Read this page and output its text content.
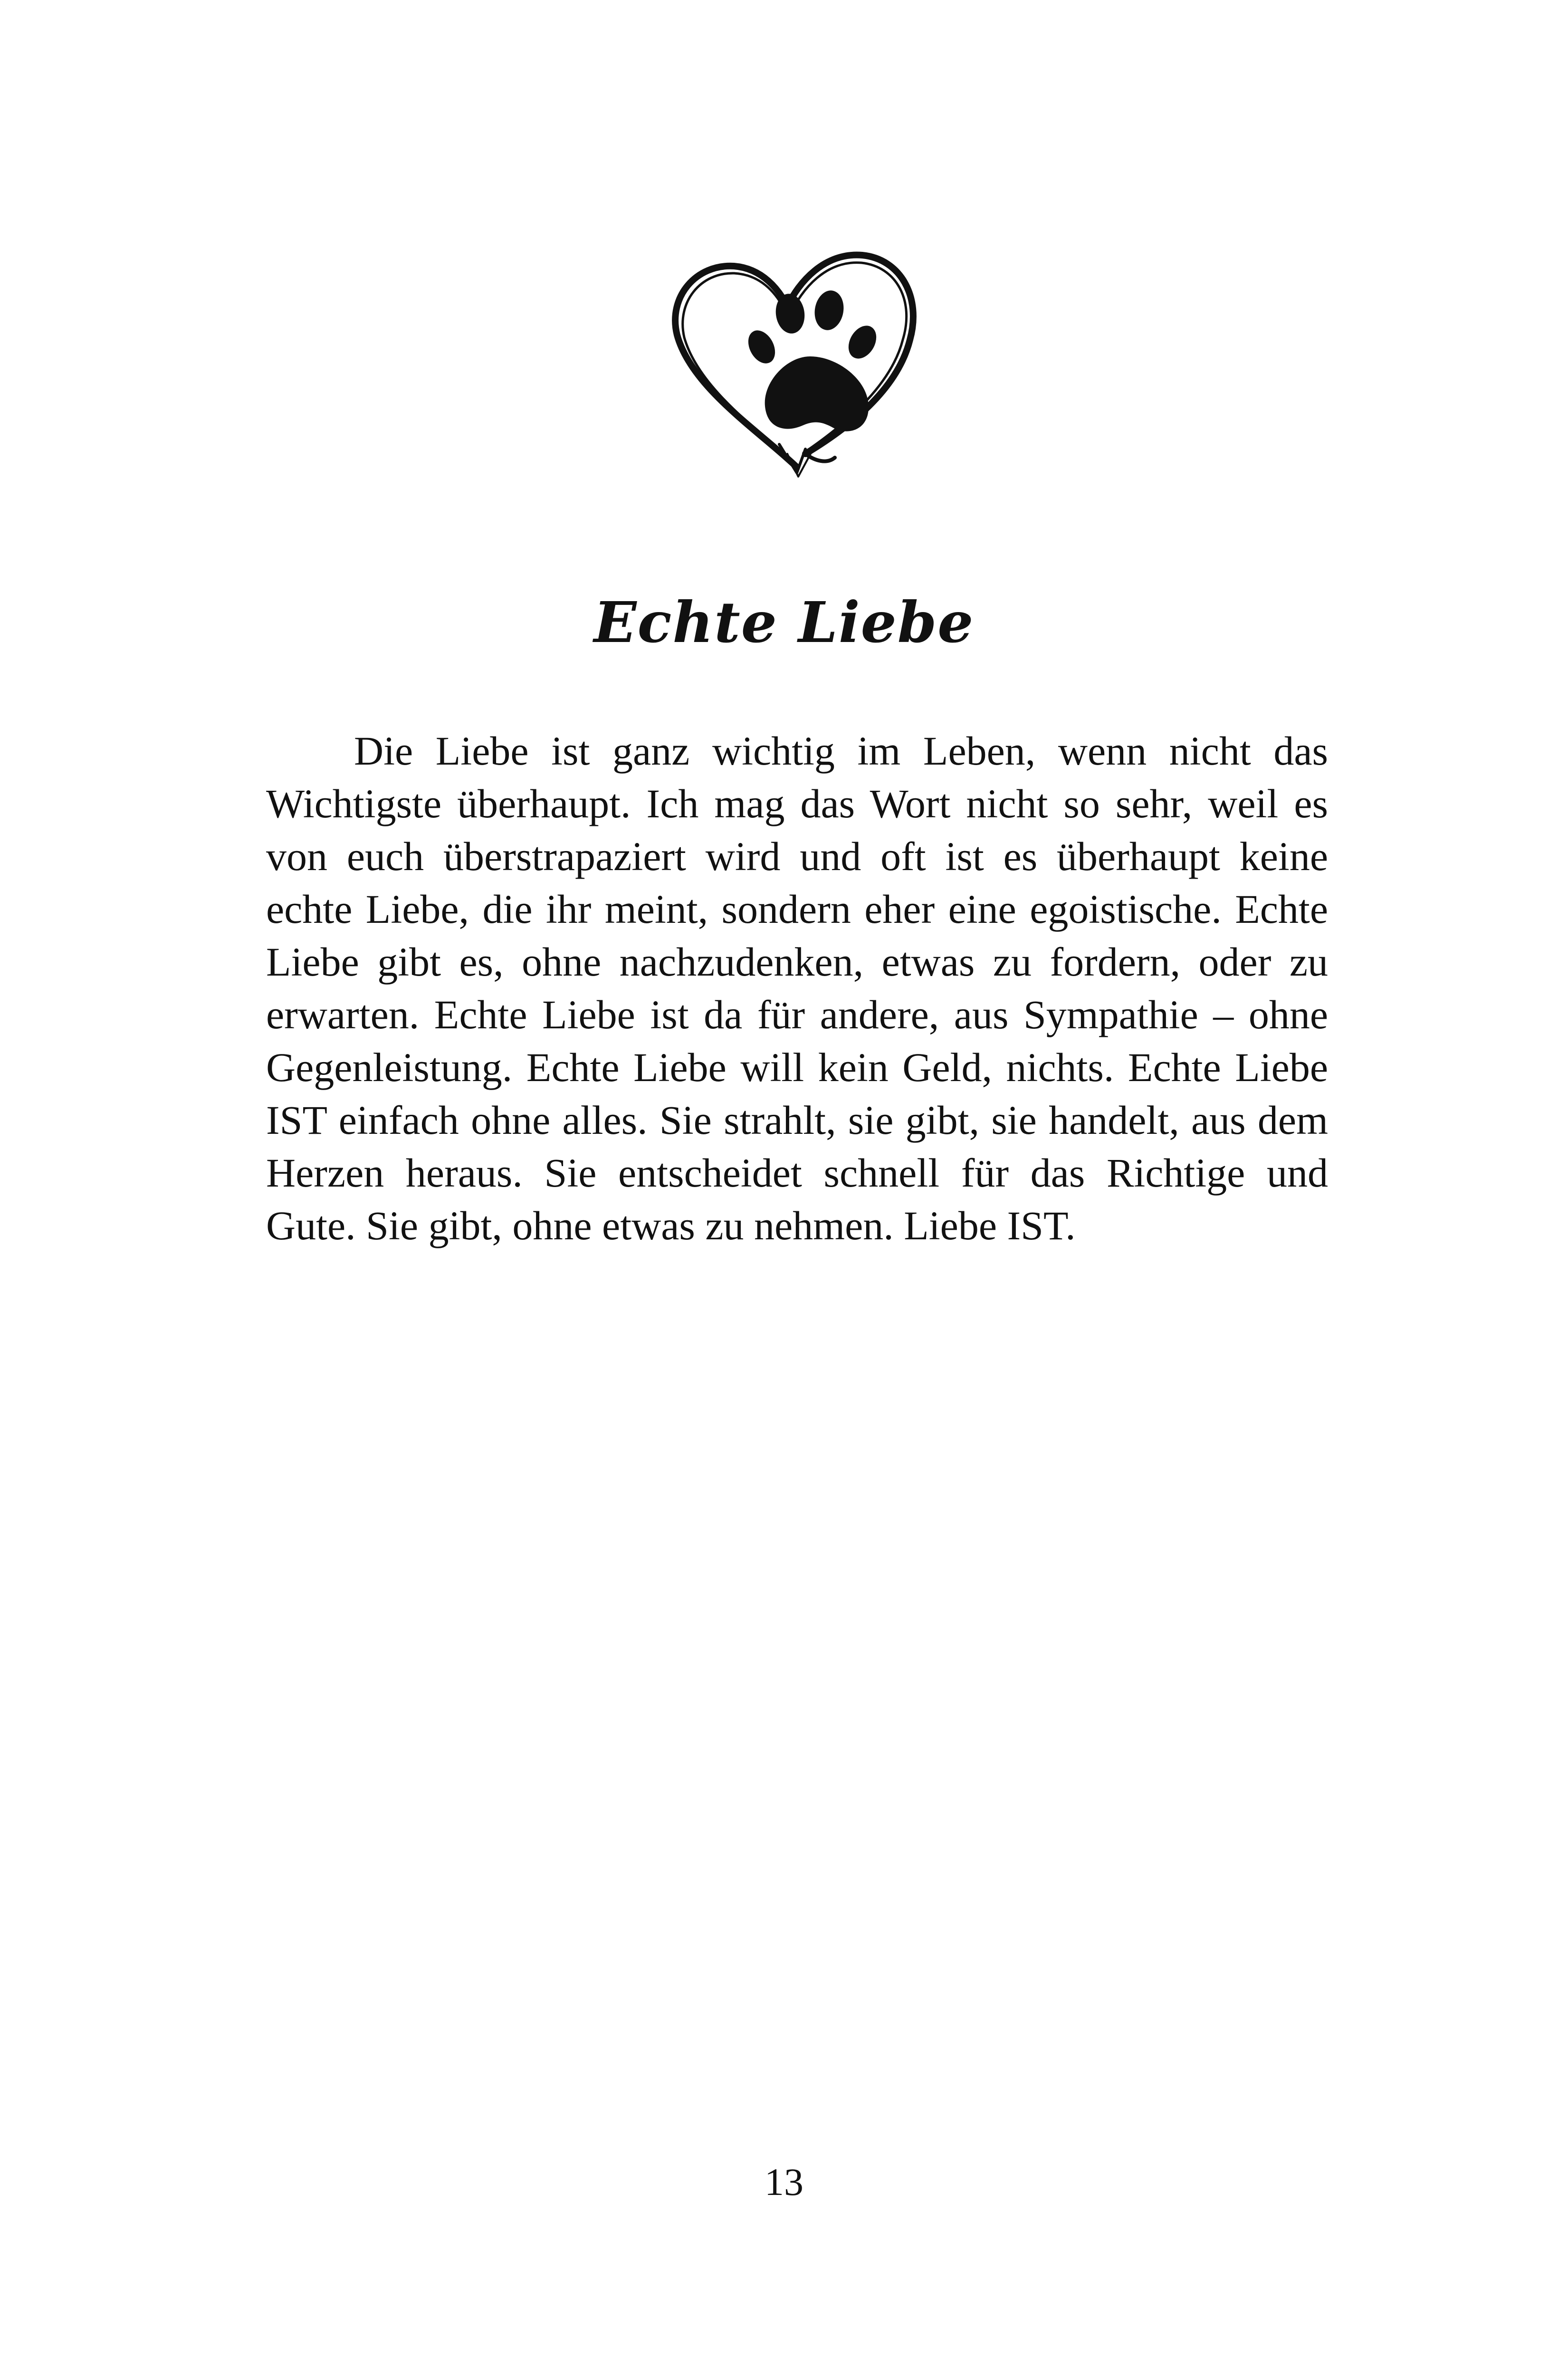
Echte Liebe

Die Liebe ist ganz wichtig im Leben, wenn nicht das Wichtigste überhaupt. Ich mag das Wort nicht so sehr, weil es von euch überstrapaziert wird und oft ist es überhaupt keine echte Liebe, die ihr meint, sondern eher eine egoistische. Echte Liebe gibt es, ohne nachzudenken, etwas zu fordern, oder zu erwarten. Echte Liebe ist da für andere, aus Sympathie – ohne Gegenleistung. Echte Liebe will kein Geld, nichts. Echte Liebe IST einfach ohne alles. Sie strahlt, sie gibt, sie handelt, aus dem Herzen heraus. Sie entscheidet schnell für das Richtige und Gute. Sie gibt, ohne etwas zu nehmen. Liebe IST.

13
